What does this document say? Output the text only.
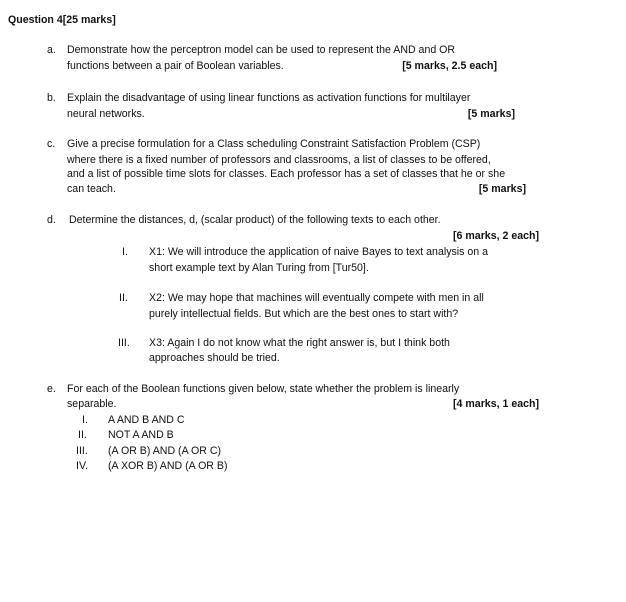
Question 4[25 marks]
a. Demonstrate how the perceptron model can be used to represent the AND and OR
functions between a pair of Boolean variables.	[5 marks, 2.5 each]
b. Explain the disadvantage of using linear functions as activation functions for multilayer
neural networks.	[5 marks]
c. Give a precise formulation for a Class scheduling Constraint Satisfaction Problem (CSP)
where there is a fixed number of professors and classrooms, a list of classes to be offered,
and a list of possible time slots for classes. Each professor has a set of classes that he or she
can teach.	[5 marks]
d. Determine the distances, d, (scalar product) of the following texts to each other.
[6 marks, 2 each]
I. X1: We will introduce the application of naive Bayes to text analysis on a
short example text by Alan Turing from [Tur50].
II. X2: We may hope that machines will eventually compete with men in all
purely intellectual fields. But which are the best ones to start with?
III. X3: Again I do not know what the right answer is, but I think both
approaches should be tried.
e. For each of the Boolean functions given below, state whether the problem is linearly
separable.	[4 marks, 1 each]
I. A AND B AND C
II. NOT A AND B
III. (A OR B) AND (A OR C)
IV. (A XOR B) AND (A OR B)
